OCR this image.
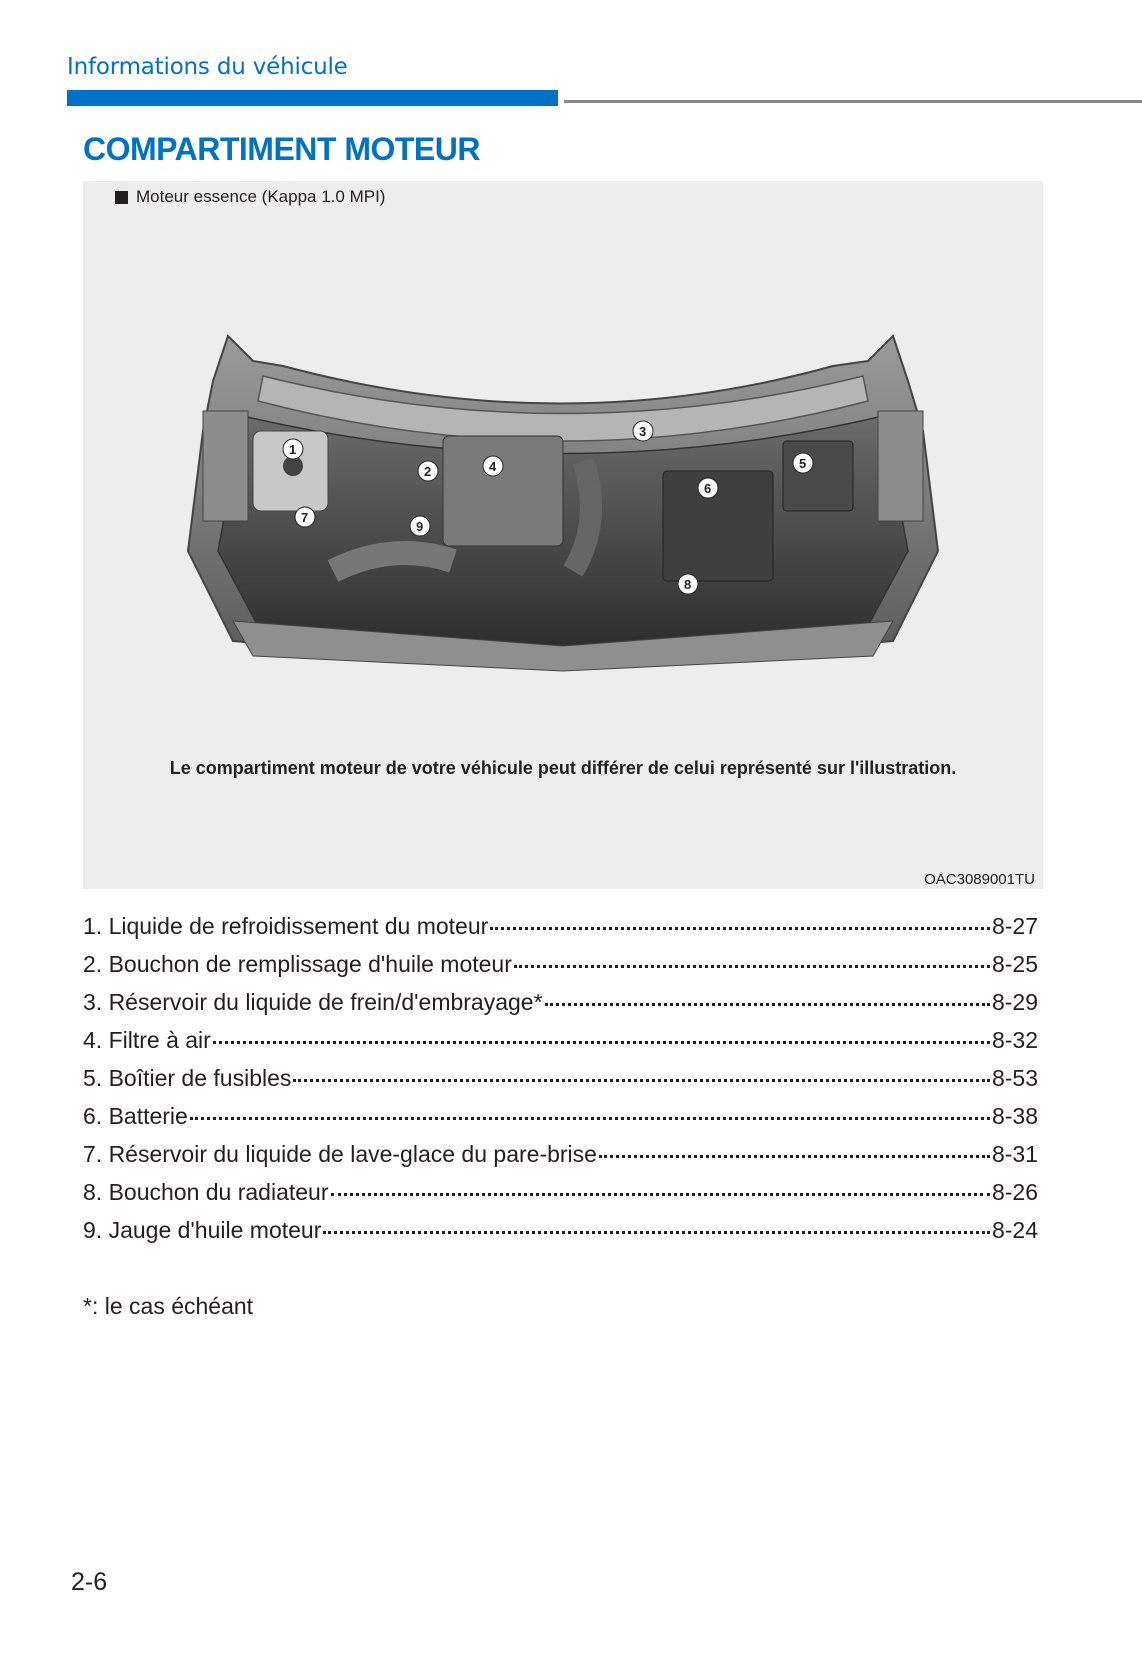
Informations du véhicule
COMPARTIMENT MOTEUR
Moteur essence (Kappa 1.0 MPI)
1
2
3
4	5
6
7
8
9
Le compartiment moteur de votre véhicule peut différer de celui représenté sur l'illustration.
OAC3089001TU
1. Liquide de refroidissement du moteur	8-27
2. Bouchon de remplissage d'huile moteur	8-25
3. Réservoir du liquide de frein/d'embrayage*	8-29
4. Filtre à air	8-32
5. Boîtier de fusibles	8-53
6. Batterie	8-38
7. Réservoir du liquide de lave-glace du pare-brise	8-31
8. Bouchon du radiateur	8-26
9. Jauge d'huile moteur	8-24
*: le cas échéant
2-6
